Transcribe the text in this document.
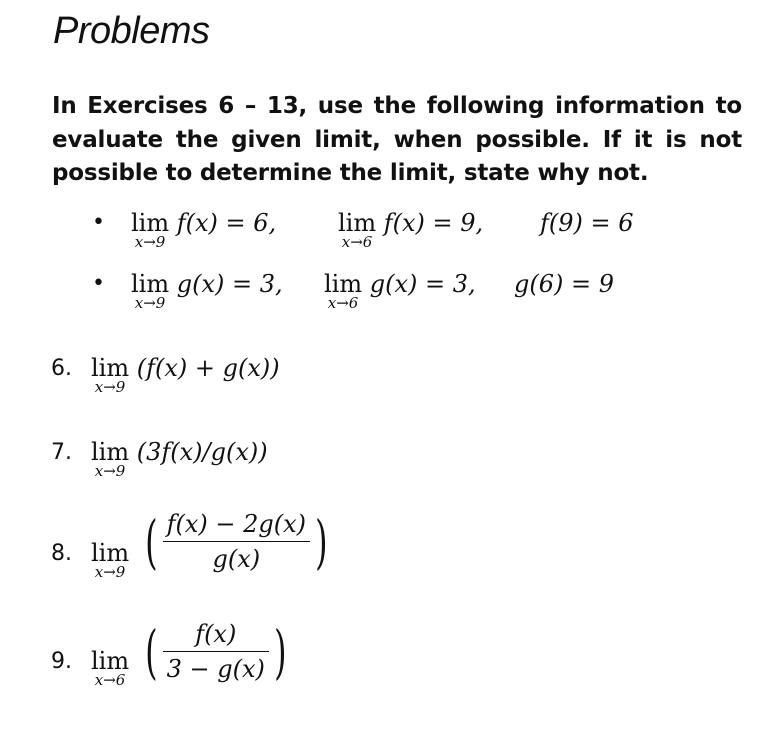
Problems
In Exercises 6 – 13, use the following information to evaluate the given limit, when possible. If it is not possible to determine the limit, state why not.
• lim
x→9
f(x) = 6,	lim
x→6
f(x) = 9, f(9) = 6
• lim
x→9
g(x) = 3, lim
x→6
g(x) = 3, g(6) = 9
6. lim
x→9
(f(x) + g(x))
7. lim
x→9
(3f(x)/g(x))
8. lim
x→9 ( $\frac{f(x) - 2g(x)}{g(x)}$ )
9. lim
x→6 ( $\frac{f(x)}{3 - g(x)}$ )
